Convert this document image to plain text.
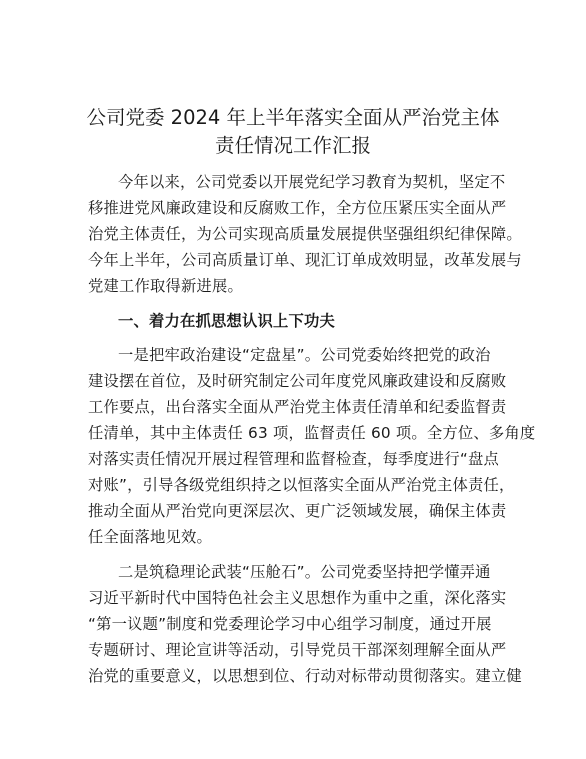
公司党委 2024 年上半年落实全面从严治党主体
责任情况工作汇报

今年以来，公司党委以开展党纪学习教育为契机，坚定不

移推进党风廉政建设和反腐败工作，全方位压紧压实全面从严

治党主体责任，为公司实现高质量发展提供坚强组织纪律保障。

今年上半年，公司高质量订单、现汇订单成效明显，改革发展与

党建工作取得新进展。

一、着力在抓思想认识上下功夫

一是把牢政治建设“定盘星”。公司党委始终把党的政治

建设摆在首位，及时研究制定公司年度党风廉政建设和反腐败

工作要点，出台落实全面从严治党主体责任清单和纪委监督责

任清单，其中主体责任 63 项，监督责任 60 项。全方位、多角度

对落实责任情况开展过程管理和监督检查，每季度进行“盘点

对账”，引导各级党组织持之以恒落实全面从严治党主体责任，

推动全面从严治党向更深层次、更广泛领域发展，确保主体责

任全面落地见效。

二是筑稳理论武装“压舱石”。公司党委坚持把学懂弄通

习近平新时代中国特色社会主义思想作为重中之重，深化落实

“第一议题”制度和党委理论学习中心组学习制度，通过开展

专题研讨、理论宣讲等活动，引导党员干部深刻理解全面从严

治党的重要意义，以思想到位、行动对标带动贯彻落实。建立健
